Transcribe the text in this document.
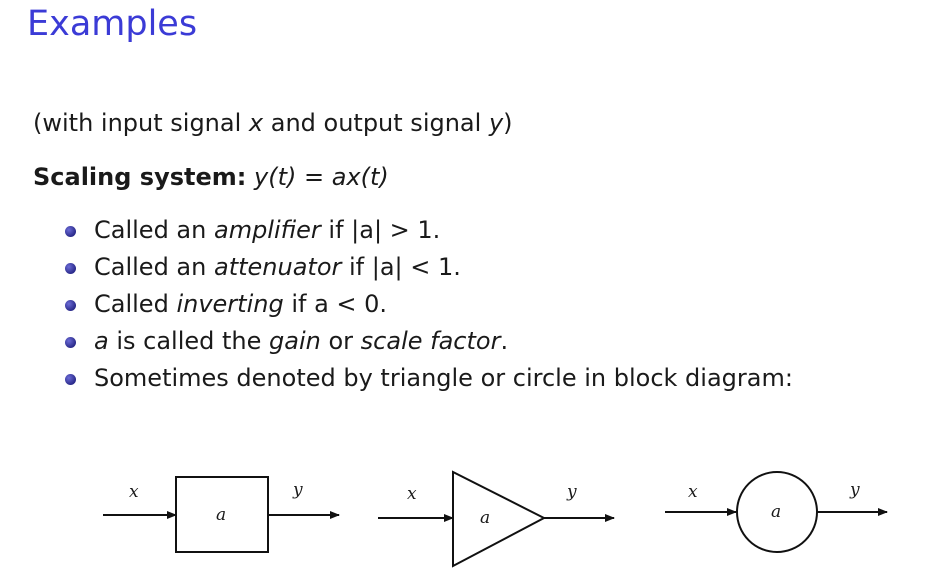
Examples
(with input signal x and output signal y)
Scaling system: y(t) = ax(t)
Called an amplifier if |a| > 1.
Called an attenuator if |a| < 1.
Called inverting if a < 0.
a is called the gain or scale factor.
Sometimes denoted by triangle or circle in block diagram:
x
a
y	x
a
y	x
a
y
